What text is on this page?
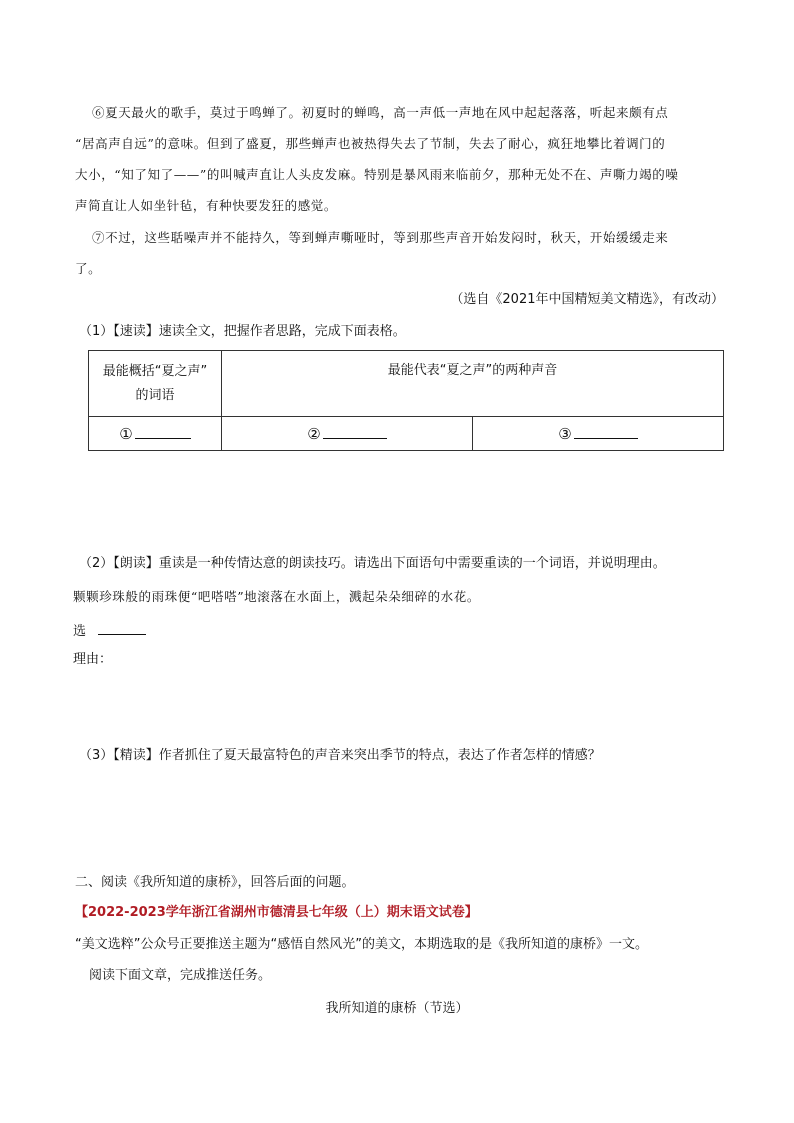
⑥夏天最火的歌手，莫过于鸣蝉了。初夏时的蝉鸣，高一声低一声地在风中起起落落，听起来颇有点
“居高声自远”的意味。但到了盛夏，那些蝉声也被热得失去了节制，失去了耐心，疯狂地攀比着调门的
大小，“知了知了——”的叫喊声直让人头皮发麻。特别是暴风雨来临前夕，那种无处不在、声嘶力竭的噪
声简直让人如坐针毡，有种快要发狂的感觉。
⑦不过，这些聒噪声并不能持久，等到蝉声嘶哑时，等到那些声音开始发闷时，秋天，开始缓缓走来
了。
（选自《2021年中国精短美文精选》，有改动）
（1）【速读】速读全文，把握作者思路，完成下面表格。
最能概括“夏之声”
的词语	最能代表“夏之声”的两种声音	
①	②	③
（2）【朗读】重读是一种传情达意的朗读技巧。请选出下面语句中需要重读的一个词语，并说明理由。
颗颗珍珠般的雨珠便“吧嗒嗒”地滚落在水面上，溅起朵朵细碎的水花。
选
理由：
（3）【精读】作者抓住了夏天最富特色的声音来突出季节的特点，表达了作者怎样的情感？
二、阅读《我所知道的康桥》，回答后面的问题。
【2022-2023学年浙江省湖州市德清县七年级（上）期末语文试卷】
“美文选粹”公众号正要推送主题为“感悟自然风光”的美文，本期选取的是《我所知道的康桥》一文。
阅读下面文章，完成推送任务。
我所知道的康桥（节选）
